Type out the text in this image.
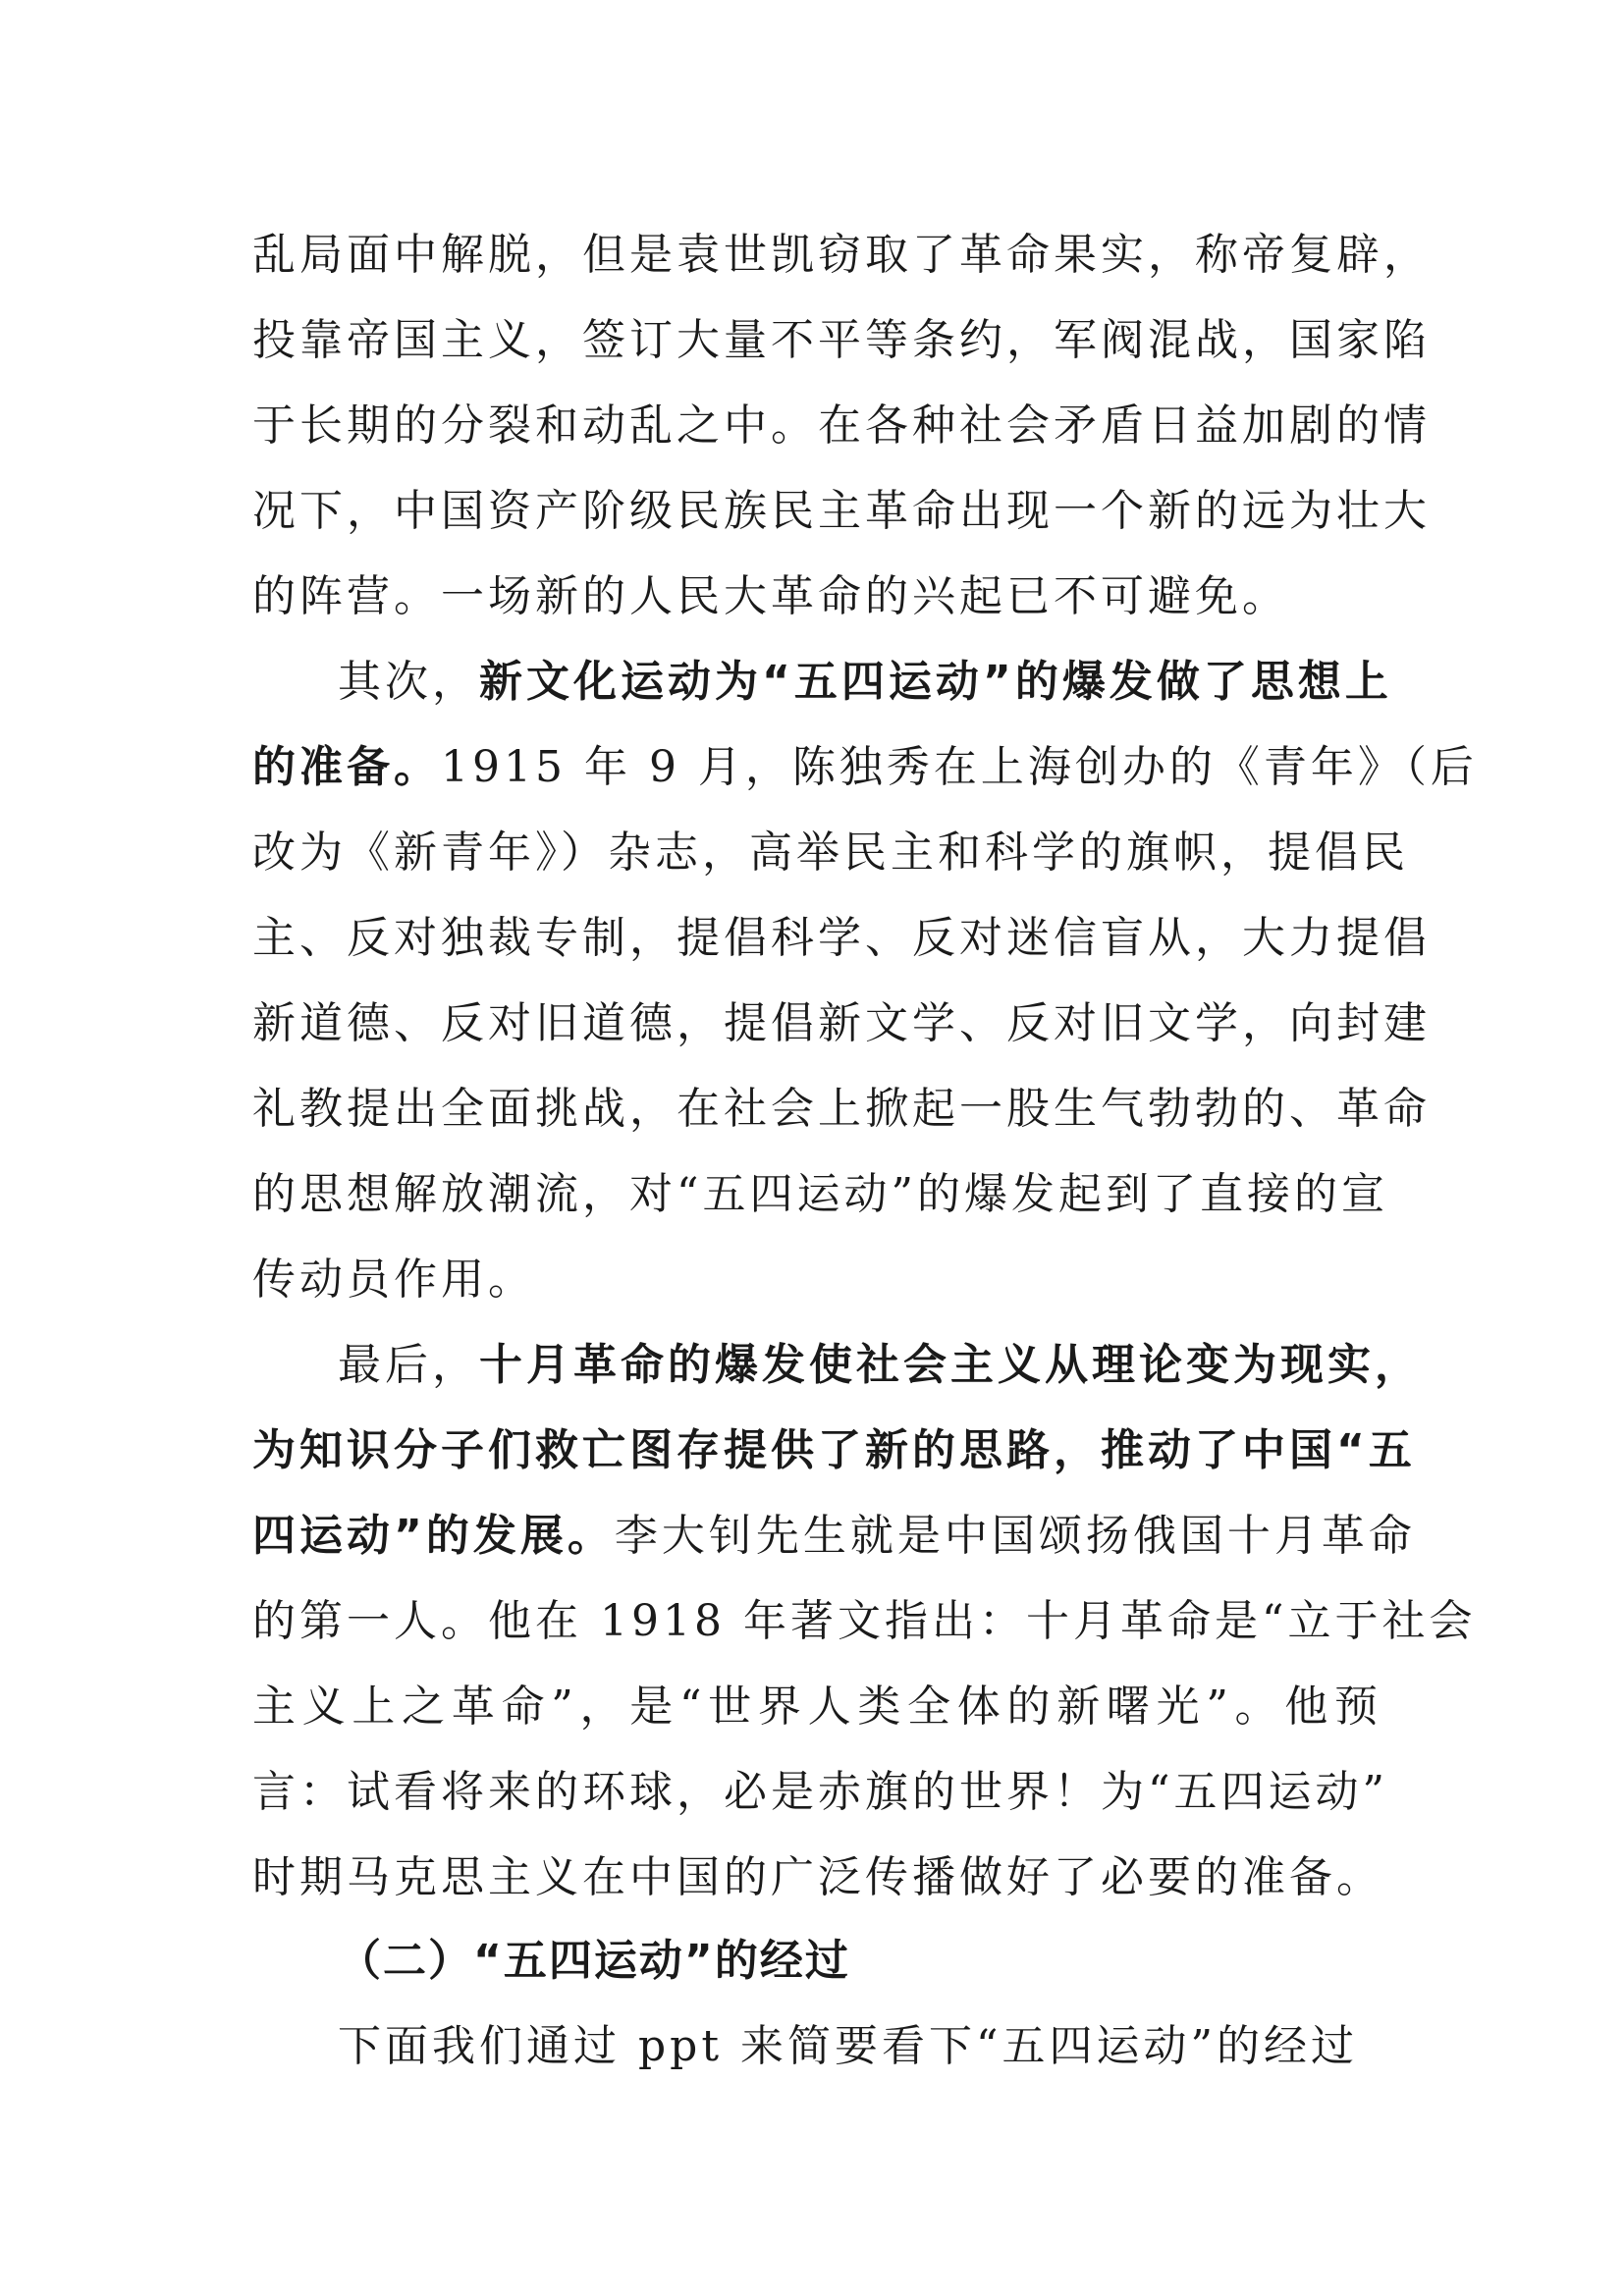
乱局面中解脱，但是袁世凯窃取了革命果实，称帝复辟，
投靠帝国主义，签订大量不平等条约，军阀混战，国家陷
于长期的分裂和动乱之中。在各种社会矛盾日益加剧的情
况下，中国资产阶级民族民主革命出现一个新的远为壮大
的阵营。一场新的人民大革命的兴起已不可避免。
其次，新文化运动为“五四运动”的爆发做了思想上
的准备。1915 年 9 月，陈独秀在上海创办的《青年》（后
改为《新青年》）杂志，高举民主和科学的旗帜，提倡民
主、反对独裁专制，提倡科学、反对迷信盲从，大力提倡
新道德、反对旧道德，提倡新文学、反对旧文学，向封建
礼教提出全面挑战，在社会上掀起一股生气勃勃的、革命
的思想解放潮流，对“五四运动”的爆发起到了直接的宣
传动员作用。
最后，十月革命的爆发使社会主义从理论变为现实，
为知识分子们救亡图存提供了新的思路，推动了中国“五
四运动”的发展。李大钊先生就是中国颂扬俄国十月革命
的第一人。他在 1918 年著文指出：十月革命是“立于社会
主义上之革命”，是“世界人类全体的新曙光”。他预
言：试看将来的环球，必是赤旗的世界！为“五四运动”
时期马克思主义在中国的广泛传播做好了必要的准备。
（二）“五四运动”的经过
下面我们通过 ppt 来简要看下“五四运动”的经过
